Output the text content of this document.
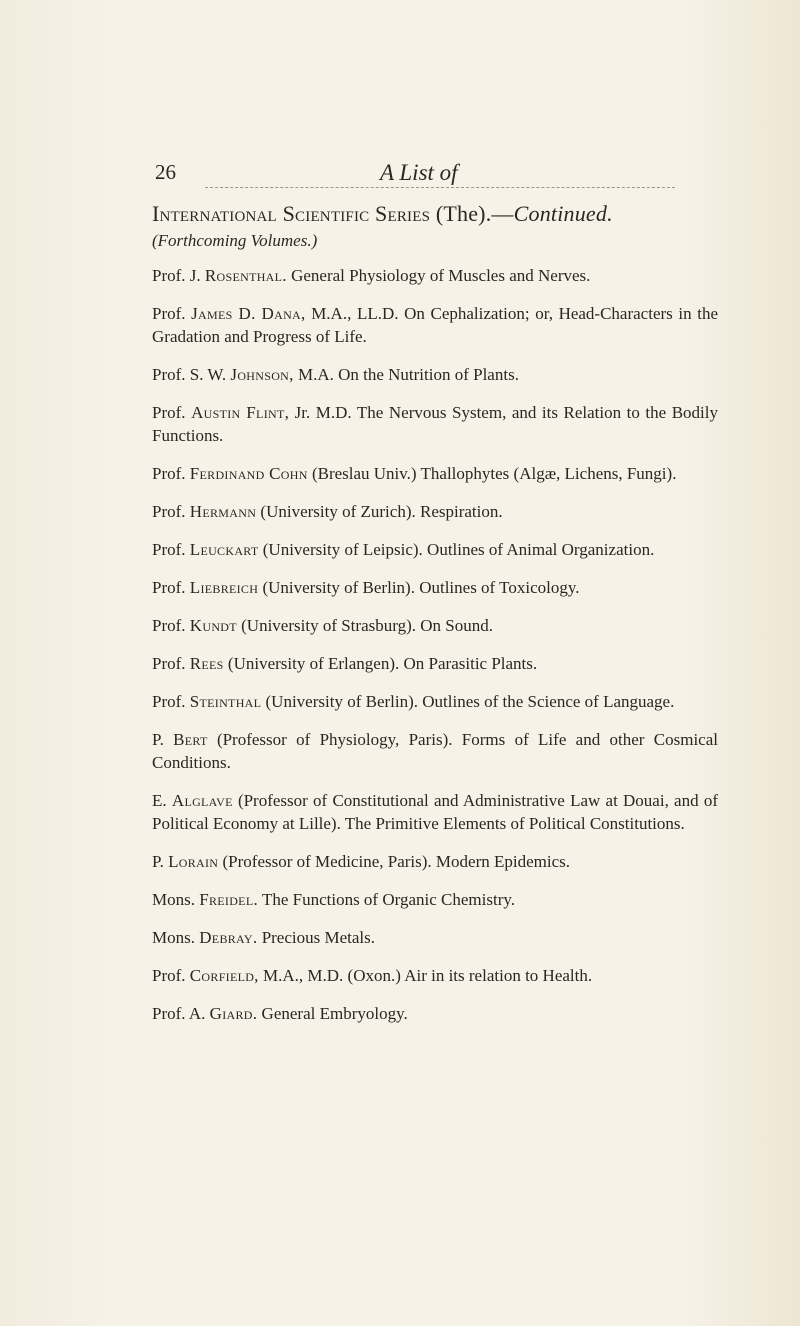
26	A List of
International Scientific Series (The).—Continued.
(Forthcoming Volumes.)

Prof. J. Rosenthal. General Physiology of Muscles and Nerves.

Prof. James D. Dana, M.A., LL.D. On Cephalization; or, Head-Characters in the Gradation and Progress of Life.

Prof. S. W. Johnson, M.A. On the Nutrition of Plants.

Prof. Austin Flint, Jr. M.D. The Nervous System, and its Relation to the Bodily Functions.

Prof. Ferdinand Cohn (Breslau Univ.) Thallophytes (Algæ, Lichens, Fungi).

Prof. Hermann (University of Zurich). Respiration.

Prof. Leuckart (University of Leipsic). Outlines of Animal Organization.

Prof. Liebreich (University of Berlin). Outlines of Toxicology.

Prof. Kundt (University of Strasburg). On Sound.

Prof. Rees (University of Erlangen). On Parasitic Plants.

Prof. Steinthal (University of Berlin). Outlines of the Science of Language.

P. Bert (Professor of Physiology, Paris). Forms of Life and other Cosmical Conditions.

E. Alglave (Professor of Constitutional and Administrative Law at Douai, and of Political Economy at Lille). The Primitive Elements of Political Constitutions.

P. Lorain (Professor of Medicine, Paris). Modern Epidemics.

Mons. Freidel. The Functions of Organic Chemistry.

Mons. Debray. Precious Metals.

Prof. Corfield, M.A., M.D. (Oxon.) Air in its relation to Health.

Prof. A. Giard. General Embryology.
